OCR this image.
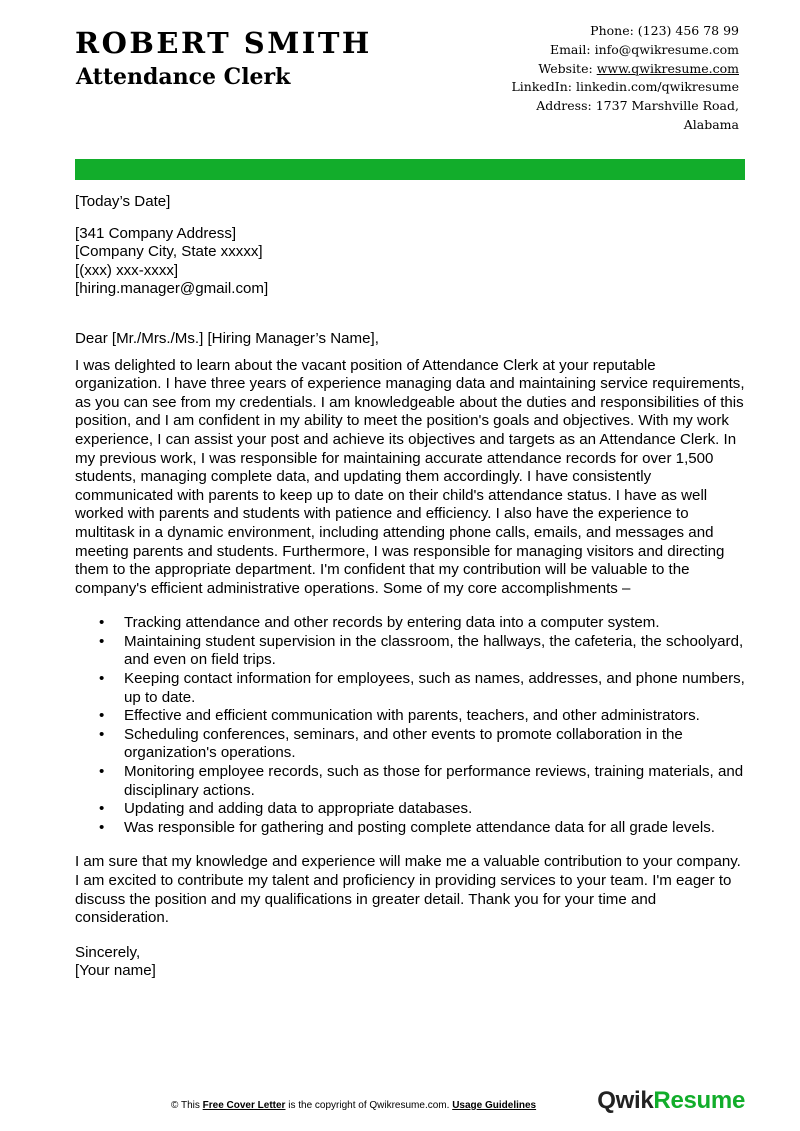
ROBERT SMITH
Attendance Clerk
Phone: (123) 456 78 99
Email: info@qwikresume.com
Website: www.qwikresume.com
LinkedIn: linkedin.com/qwikresume
Address: 1737 Marshville Road,
Alabama

[Today’s Date]

[341 Company Address]
[Company City, State xxxxx]
[(xxx) xxx-xxxx]
[hiring.manager@gmail.com]

Dear [Mr./Mrs./Ms.] [Hiring Manager’s Name],

I was delighted to learn about the vacant position of Attendance Clerk at your reputable organization. I have three years of experience managing data and maintaining service requirements, as you can see from my credentials. I am knowledgeable about the duties and responsibilities of this position, and I am confident in my ability to meet the position's goals and objectives. With my work experience, I can assist your post and achieve its objectives and targets as an Attendance Clerk. In my previous work, I was responsible for maintaining accurate attendance records for over 1,500 students, managing complete data, and updating them accordingly. I have consistently communicated with parents to keep up to date on their child's attendance status. I have as well worked with parents and students with patience and efficiency. I also have the experience to multitask in a dynamic environment, including attending phone calls, emails, and messages and meeting parents and students. Furthermore, I was responsible for managing visitors and directing them to the appropriate department. I'm confident that my contribution will be valuable to the company's efficient administrative operations. Some of my core accomplishments –

• Tracking attendance and other records by entering data into a computer system.
• Maintaining student supervision in the classroom, the hallways, the cafeteria, the schoolyard, and even on field trips.
• Keeping contact information for employees, such as names, addresses, and phone numbers, up to date.
• Effective and efficient communication with parents, teachers, and other administrators.
• Scheduling conferences, seminars, and other events to promote collaboration in the organization's operations.
• Monitoring employee records, such as those for performance reviews, training materials, and disciplinary actions.
• Updating and adding data to appropriate databases.
• Was responsible for gathering and posting complete attendance data for all grade levels.

I am sure that my knowledge and experience will make me a valuable contribution to your company. I am excited to contribute my talent and proficiency in providing services to your team. I'm eager to discuss the position and my qualifications in greater detail. Thank you for your time and consideration.

Sincerely,
[Your name]
© This Free Cover Letter is the copyright of Qwikresume.com. Usage Guidelines	QwikResume
